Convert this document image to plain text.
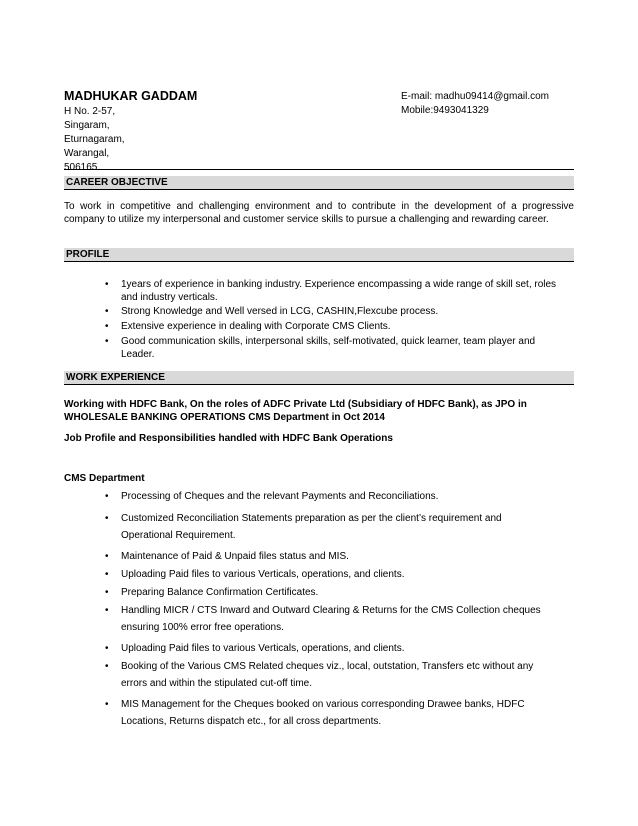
MADHUKAR GADDAM	E-mail: madhu09414@gmail.com
Mobile:9493041329
H No. 2-57,
Singaram,
Eturnagaram,
Warangal,
506165.
CAREER OBJECTIVE
To work in competitive and challenging environment and to contribute in the development of a progressive company to utilize my interpersonal and customer service skills to pursue a challenging and rewarding career.
PROFILE
•	1years of experience in banking industry. Experience encompassing a wide range of skill set, roles and industry verticals.
•	Strong Knowledge and Well versed in LCG, CASHIN,Flexcube process.
•	Extensive experience in dealing with Corporate CMS Clients.
•	Good communication skills, interpersonal skills, self-motivated, quick learner, team player and Leader.
WORK EXPERIENCE
Working with HDFC Bank, On the roles of ADFC Private Ltd (Subsidiary of HDFC Bank), as JPO in WHOLESALE BANKING OPERATIONS CMS Department in Oct 2014
Job Profile and Responsibilities handled with HDFC Bank Operations
CMS Department
•	Processing of Cheques and the relevant Payments and Reconciliations.
•	Customized Reconciliation Statements preparation as per the client’s requirement and Operational Requirement.
•	Maintenance of Paid & Unpaid files status and MIS.
•	Uploading Paid files to various Verticals, operations, and clients.
•	Preparing Balance Confirmation Certificates.
•	Handling MICR / CTS Inward and Outward Clearing & Returns for the CMS Collection cheques ensuring 100% error free operations.
•	Uploading Paid files to various Verticals, operations, and clients.
•	Booking of the Various CMS Related cheques viz., local, outstation, Transfers etc without any errors and within the stipulated cut-off time.
•	MIS Management for the Cheques booked on various corresponding Drawee banks, HDFC Locations, Returns dispatch etc., for all cross departments.
